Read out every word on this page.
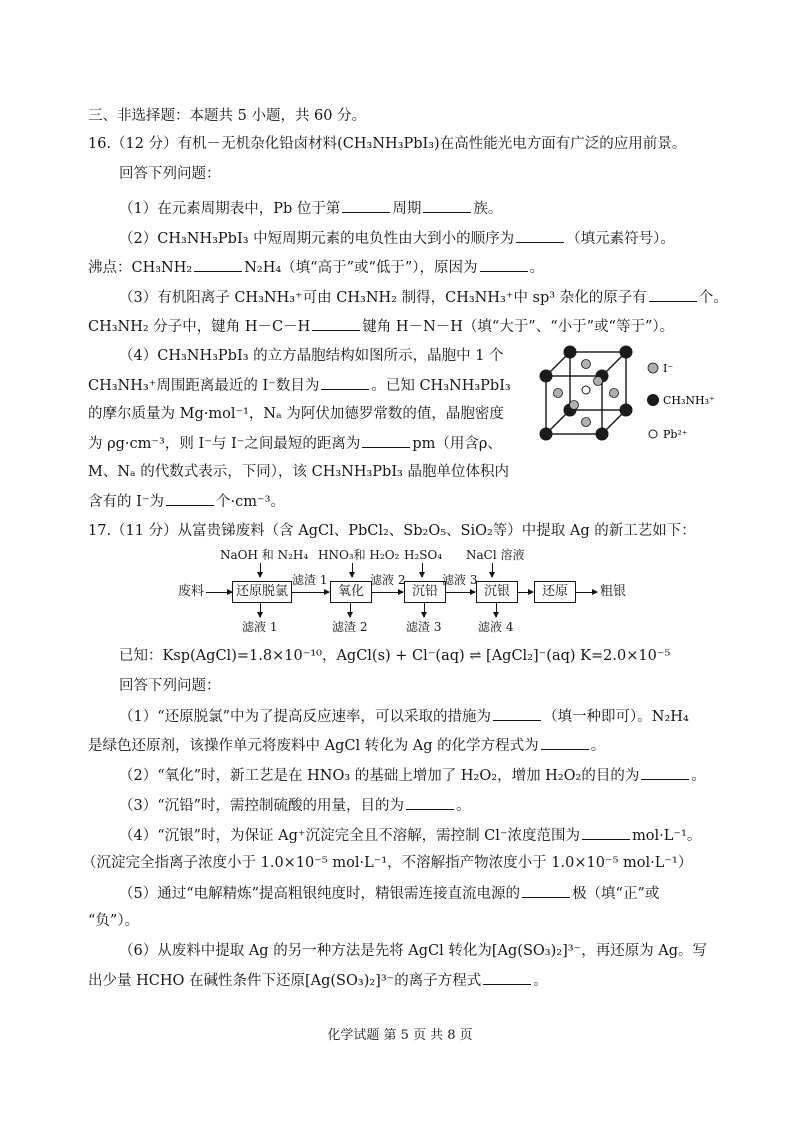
三、非选择题：本题共 5 小题，共 60 分。
16.（12 分）有机－无机杂化铅卤材料(CH₃NH₃PbI₃)在高性能光电方面有广泛的应用前景。
回答下列问题：
（1）在元素周期表中，Pb 位于第	周期	族。
（2）CH₃NH₃PbI₃ 中短周期元素的电负性由大到小的顺序为	（填元素符号）。
沸点：CH₃NH₂	N₂H₄（填“高于”或“低于”），原因为	。
（3）有机阳离子 CH₃NH₃⁺可由 CH₃NH₂ 制得，CH₃NH₃⁺中 sp³ 杂化的原子有	个。
CH₃NH₂ 分子中，键角 H－C－H	键角 H－N－H（填“大于”、“小于”或“等于”）。
（4）CH₃NH₃PbI₃ 的立方晶胞结构如图所示，晶胞中 1 个
CH₃NH₃⁺周围距离最近的 I⁻数目为	。已知 CH₃NH₃PbI₃
的摩尔质量为 Mg·mol⁻¹，Nₐ 为阿伏加德罗常数的值，晶胞密度
为 ρg·cm⁻³，则 I⁻与 I⁻之间最短的距离为	pm（用含ρ、
M、Nₐ 的代数式表示，下同），该 CH₃NH₃PbI₃ 晶胞单位体积内
含有的 I⁻为	个·cm⁻³。
I⁻
CH₃NH₃⁺
Pb²⁺
17.（11 分）从富贵锑废料（含 AgCl、PbCl₂、Sb₂O₅、SiO₂等）中提取 Ag 的新工艺如下：
NaOH 和 N₂H₄ HNO₃和 H₂O₂ H₂SO₄ NaCl 溶液
废料	还原脱氯	氧化	沉铅	沉银	还原
滤渣 1	滤液 2	滤液 3
粗银
滤液 1	滤渣 2	滤渣 3	滤液 4
已知：Ksp(AgCl)=1.8×10⁻¹⁰，AgCl(s) + Cl⁻(aq) ⇌ [AgCl₂]⁻(aq) K=2.0×10⁻⁵
回答下列问题：
（1）“还原脱氯”中为了提高反应速率，可以采取的措施为	（填一种即可）。N₂H₄
是绿色还原剂，该操作单元将废料中 AgCl 转化为 Ag 的化学方程式为	。
（2）“氧化”时，新工艺是在 HNO₃ 的基础上增加了 H₂O₂，增加 H₂O₂的目的为	。
（3）“沉铅”时，需控制硫酸的用量，目的为	。
（4）“沉银”时，为保证 Ag⁺沉淀完全且不溶解，需控制 Cl⁻浓度范围为	mol·L⁻¹。
（沉淀完全指离子浓度小于 1.0×10⁻⁵ mol·L⁻¹，不溶解指产物浓度小于 1.0×10⁻⁵ mol·L⁻¹）
（5）通过“电解精炼”提高粗银纯度时，精银需连接直流电源的	极（填“正”或
“负”）。
（6）从废料中提取 Ag 的另一种方法是先将 AgCl 转化为[Ag(SO₃)₂]³⁻，再还原为 Ag。写
出少量 HCHO 在碱性条件下还原[Ag(SO₃)₂]³⁻的离子方程式	。
化学试题 第 5 页 共 8 页
